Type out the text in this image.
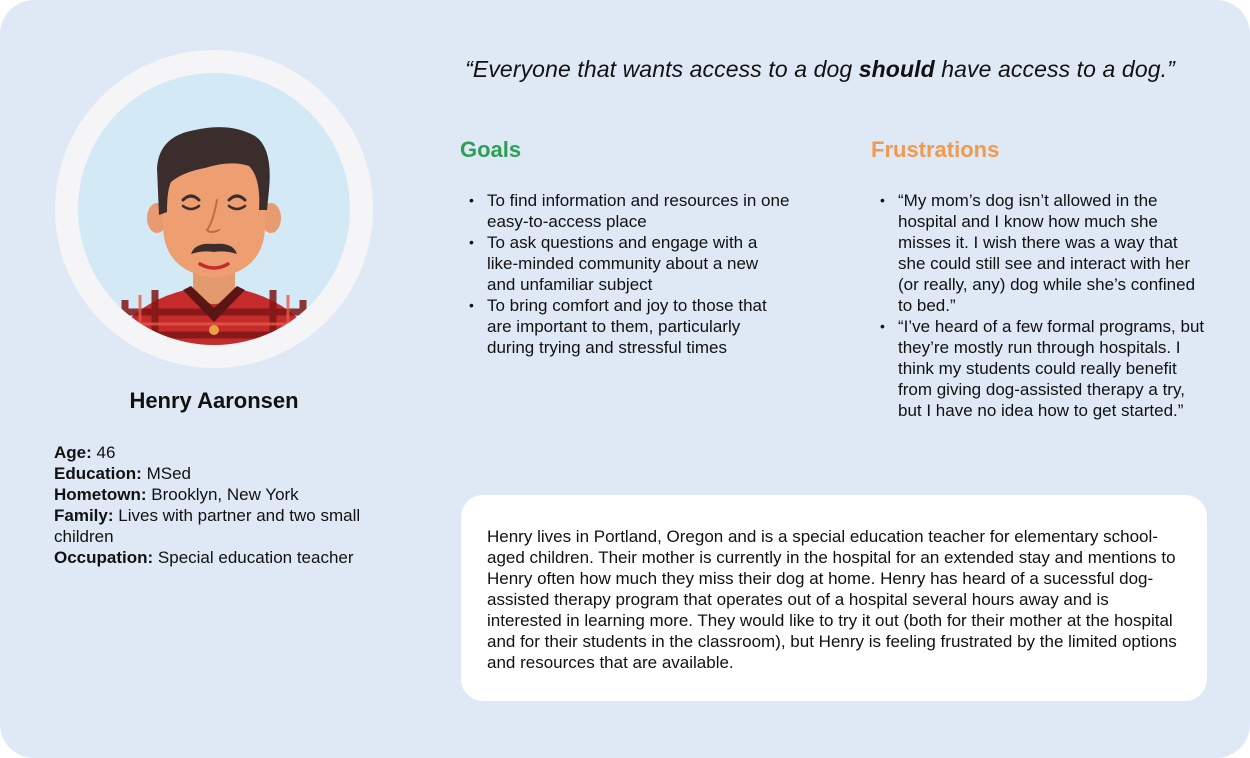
Henry Aaronsen

Age: 46

Education: MSed

Hometown: Brooklyn, New York

Family: Lives with partner and two small children

Occupation: Special education teacher

“Everyone that wants access to a dog should have access to a dog.”
Goals
• To find information and resources in one easy-to-access place
• To ask questions and engage with a like-minded community about a new and unfamiliar subject
• To bring comfort and joy to those that are important to them, particularly during trying and stressful times
Frustrations
• “My mom’s dog isn’t allowed in the hospital and I know how much she misses it. I wish there was a way that she could still see and interact with her (or really, any) dog while she’s confined to bed.”
• “I’ve heard of a few formal programs, but they’re mostly run through hospitals. I think my students could really benefit from giving dog-assisted therapy a try, but I have no idea how to get started.”

Henry lives in Portland, Oregon and is a special education teacher for elementary school-aged children. Their mother is currently in the hospital for an extended stay and mentions to Henry often how much they miss their dog at home. Henry has heard of a sucessful dog-assisted therapy program that operates out of a hospital several hours away and is interested in learning more. They would like to try it out (both for their mother at the hospital and for their students in the classroom), but Henry is feeling frustrated by the limited options and resources that are available.
